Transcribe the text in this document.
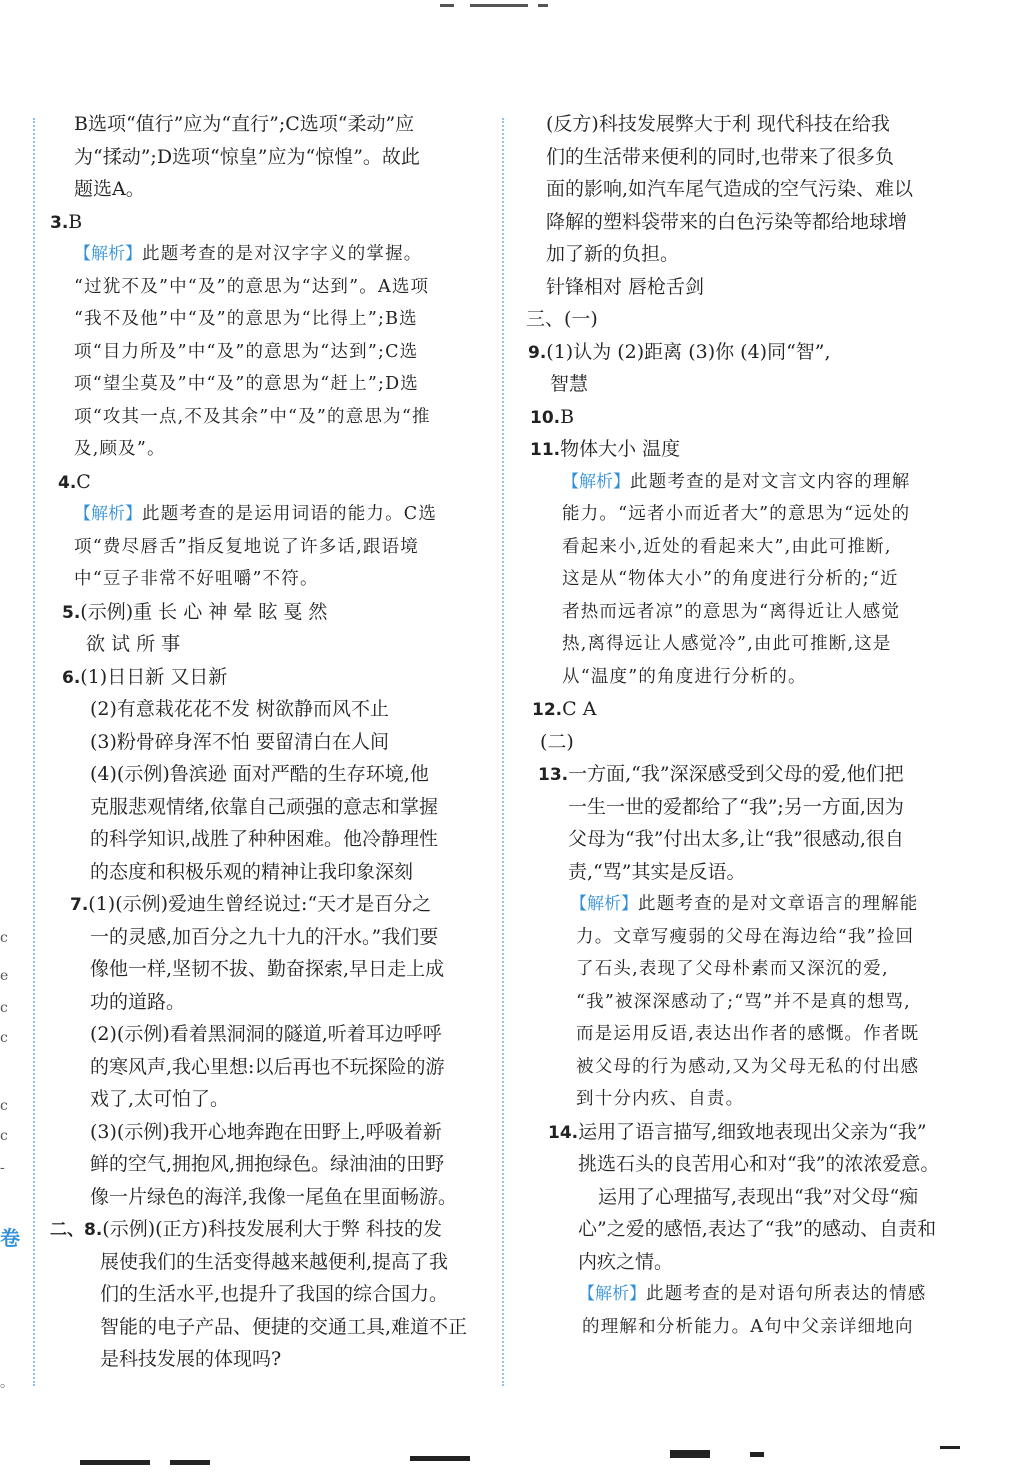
c
e
c
c
c
c
-
卷
。
B选项“值行”应为“直行”;C选项“柔动”应
为“揉动”;D选项“惊皇”应为“惊惶”。故此
题选A。
3.B
【解析】此题考查的是对汉字字义的掌握。
“过犹不及”中“及”的意思为“达到”。A选项
“我不及他”中“及”的意思为“比得上”;B选
项“目力所及”中“及”的意思为“达到”;C选
项“望尘莫及”中“及”的意思为“赶上”;D选
项“攻其一点,不及其余”中“及”的意思为“推
及,顾及”。
4.C
【解析】此题考查的是运用词语的能力。C选
项“费尽唇舌”指反复地说了许多话,跟语境
中“豆子非常不好咀嚼”不符。
5.(示例)重 长 心 神 晕 眩 戛 然
欲 试 所 事
6.(1)日日新 又日新
(2)有意栽花花不发 树欲静而风不止
(3)粉骨碎身浑不怕 要留清白在人间
(4)(示例)鲁滨逊 面对严酷的生存环境,他
克服悲观情绪,依靠自己顽强的意志和掌握
的科学知识,战胜了种种困难。他冷静理性
的态度和积极乐观的精神让我印象深刻
7.(1)(示例)爱迪生曾经说过:“天才是百分之
一的灵感,加百分之九十九的汗水。”我们要
像他一样,坚韧不拔、勤奋探索,早日走上成
功的道路。
(2)(示例)看着黑洞洞的隧道,听着耳边呼呼
的寒风声,我心里想:以后再也不玩探险的游
戏了,太可怕了。
(3)(示例)我开心地奔跑在田野上,呼吸着新
鲜的空气,拥抱风,拥抱绿色。绿油油的田野
像一片绿色的海洋,我像一尾鱼在里面畅游。
二、8.(示例)(正方)科技发展利大于弊 科技的发
展使我们的生活变得越来越便利,提高了我
们的生活水平,也提升了我国的综合国力。
智能的电子产品、便捷的交通工具,难道不正
是科技发展的体现吗?
(反方)科技发展弊大于利 现代科技在给我
们的生活带来便利的同时,也带来了很多负
面的影响,如汽车尾气造成的空气污染、难以
降解的塑料袋带来的白色污染等都给地球增
加了新的负担。
针锋相对 唇枪舌剑
三、(一)
9.(1)认为 (2)距离 (3)你 (4)同“智”,
智慧
10.B
11.物体大小 温度
【解析】此题考查的是对文言文内容的理解
能力。“远者小而近者大”的意思为“远处的
看起来小,近处的看起来大”,由此可推断,
这是从“物体大小”的角度进行分析的;“近
者热而远者凉”的意思为“离得近让人感觉
热,离得远让人感觉冷”,由此可推断,这是
从“温度”的角度进行分析的。
12.C A
(二)
13.一方面,“我”深深感受到父母的爱,他们把
一生一世的爱都给了“我”;另一方面,因为
父母为“我”付出太多,让“我”很感动,很自
责,“骂”其实是反语。
【解析】此题考查的是对文章语言的理解能
力。文章写瘦弱的父母在海边给“我”捡回
了石头,表现了父母朴素而又深沉的爱,
“我”被深深感动了;“骂”并不是真的想骂,
而是运用反语,表达出作者的感慨。作者既
被父母的行为感动,又为父母无私的付出感
到十分内疚、自责。
14.运用了语言描写,细致地表现出父亲为“我”
挑选石头的良苦用心和对“我”的浓浓爱意。
运用了心理描写,表现出“我”对父母“痴
心”之爱的感悟,表达了“我”的感动、自责和
内疚之情。
【解析】此题考查的是对语句所表达的情感
的理解和分析能力。A句中父亲详细地向
